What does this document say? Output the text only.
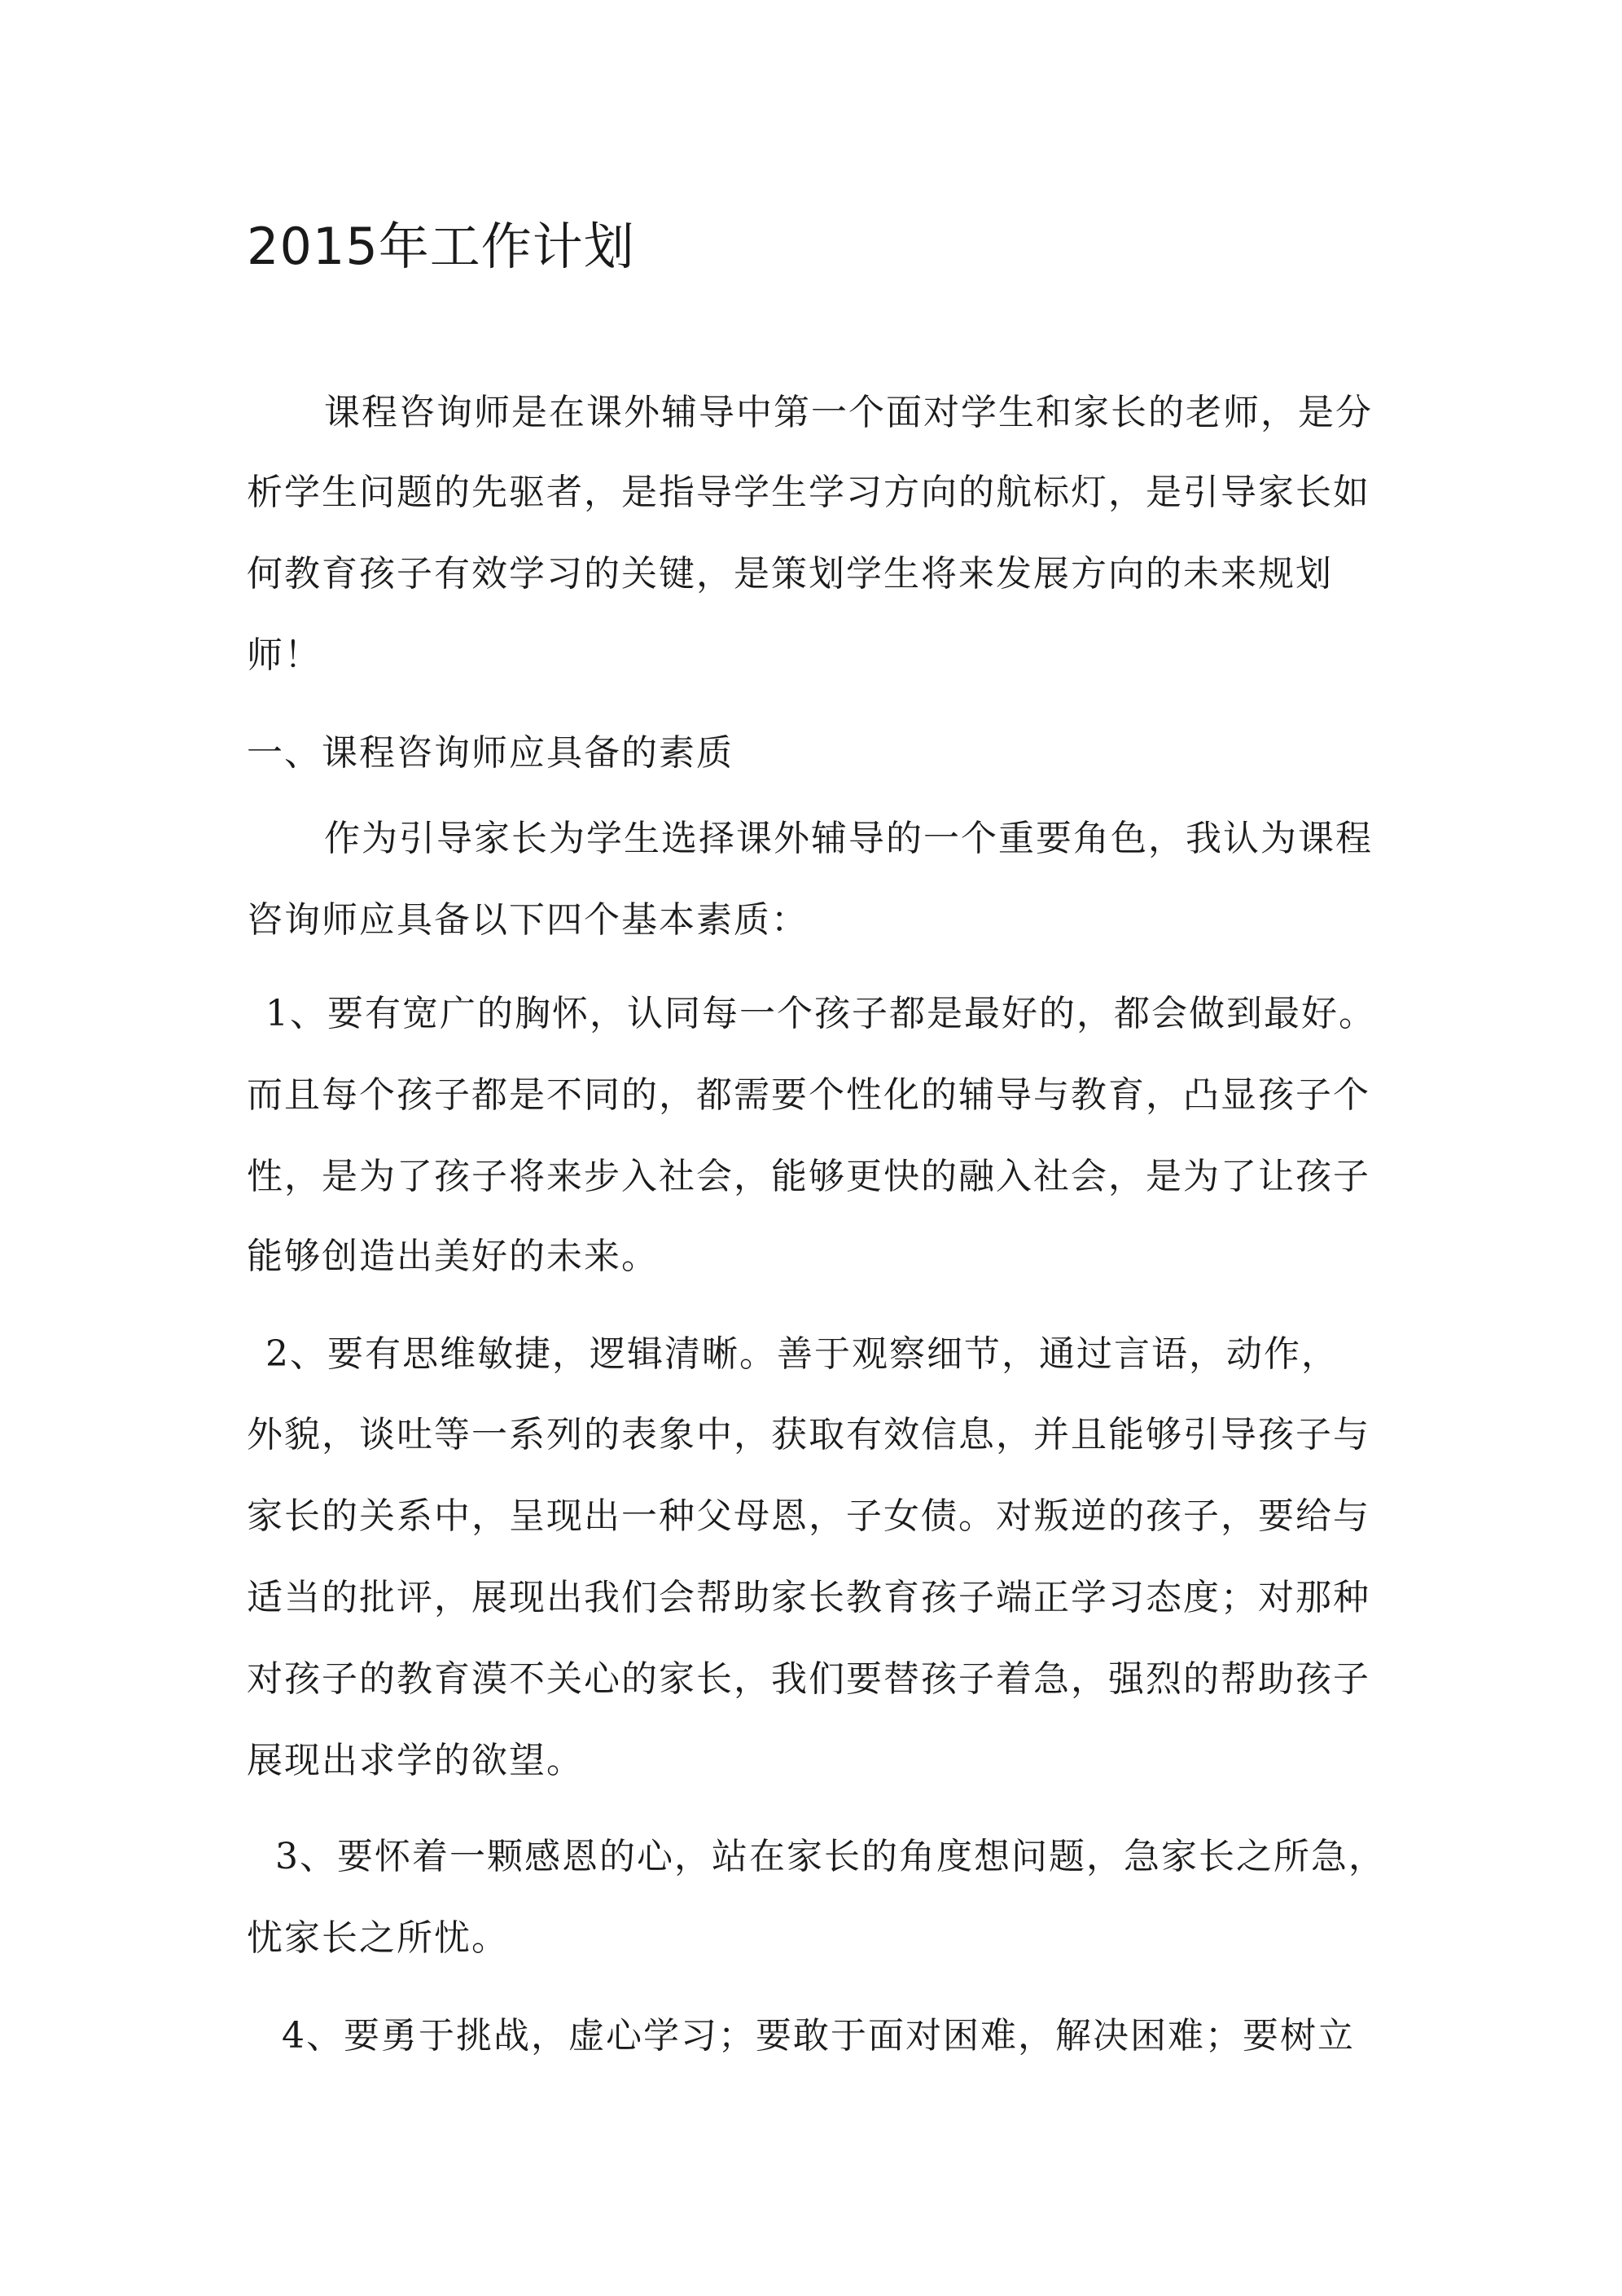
2015年工作计划
课程咨询师是在课外辅导中第一个面对学生和家长的老师，是分
析学生问题的先驱者，是指导学生学习方向的航标灯，是引导家长如
何教育孩子有效学习的关键，是策划学生将来发展方向的未来规划
师！
一、课程咨询师应具备的素质
作为引导家长为学生选择课外辅导的一个重要角色，我认为课程
咨询师应具备以下四个基本素质：
1、要有宽广的胸怀，认同每一个孩子都是最好的，都会做到最好。
而且每个孩子都是不同的，都需要个性化的辅导与教育，凸显孩子个
性，是为了孩子将来步入社会，能够更快的融入社会，是为了让孩子
能够创造出美好的未来。
2、要有思维敏捷，逻辑清晰。善于观察细节，通过言语，动作，
外貌，谈吐等一系列的表象中，获取有效信息，并且能够引导孩子与
家长的关系中，呈现出一种父母恩，子女债。对叛逆的孩子，要给与
适当的批评，展现出我们会帮助家长教育孩子端正学习态度；对那种
对孩子的教育漠不关心的家长，我们要替孩子着急，强烈的帮助孩子
展现出求学的欲望。
3、要怀着一颗感恩的心，站在家长的角度想问题，急家长之所急，
忧家长之所忧。
4、要勇于挑战，虚心学习；要敢于面对困难，解决困难；要树立
